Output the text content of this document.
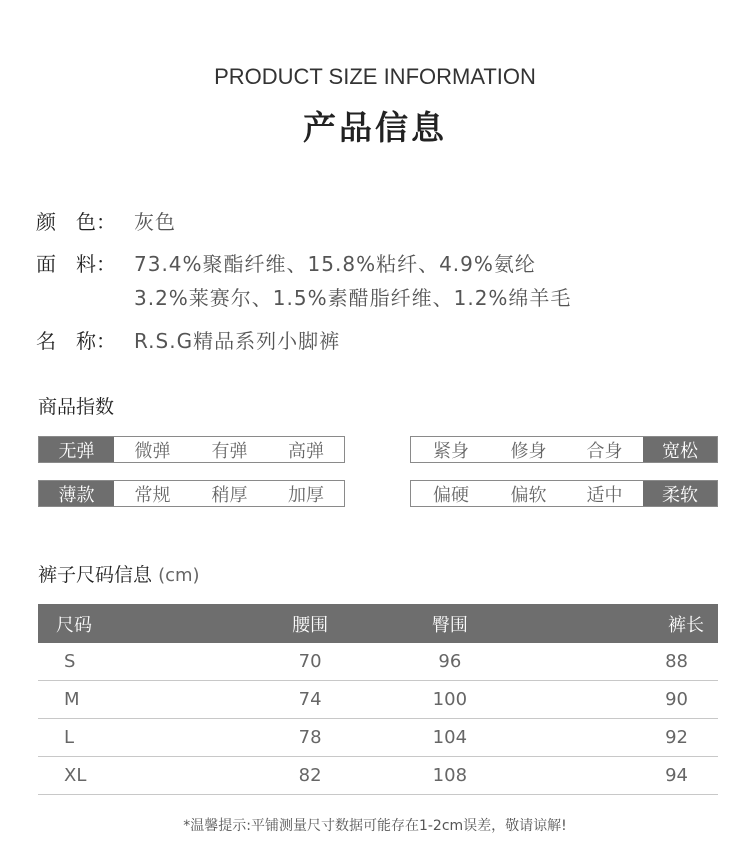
PRODUCT SIZE INFORMATION
产品信息
颜　色： 灰色
面　料： 73.4%聚酯纤维、15.8%粘纤、4.9%氨纶
3.2%莱赛尔、1.5%素醋脂纤维、1.2%绵羊毛
名　称： R.S.G精品系列小脚裤
商品指数
无弹	微弹	有弹	高弹	紧身	修身	合身	宽松
薄款	常规	稍厚	加厚	偏硬	偏软	适中	柔软
裤子尺码信息 (cm)
尺码	腰围	臀围	裤长
S	70	96	88
M	74	100	90
L	78	104	92
XL	82	108	94
*温馨提示:平铺测量尺寸数据可能存在1-2cm误差，敬请谅解!
